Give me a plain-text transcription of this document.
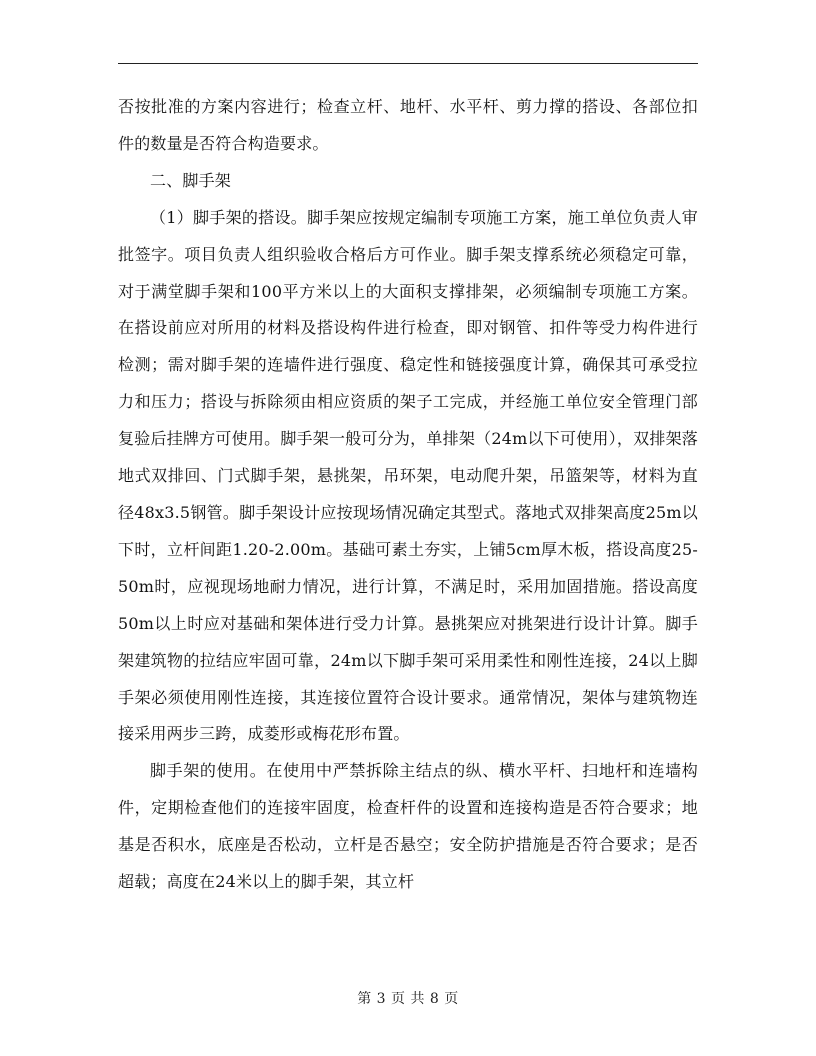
否按批准的方案内容进行；检查立杆、地杆、水平杆、剪力撑的搭设、各部位扣件的数量是否符合构造要求。

二、脚手架

（1）脚手架的搭设。脚手架应按规定编制专项施工方案，施工单位负责人审批签字。项目负责人组织验收合格后方可作业。脚手架支撑系统必须稳定可靠，对于满堂脚手架和100平方米以上的大面积支撑排架，必须编制专项施工方案。在搭设前应对所用的材料及搭设构件进行检查，即对钢管、扣件等受力构件进行检测；需对脚手架的连墙件进行强度、稳定性和链接强度计算，确保其可承受拉力和压力；搭设与拆除须由相应资质的架子工完成，并经施工单位安全管理门部复验后挂牌方可使用。脚手架一般可分为，单排架（24m以下可使用），双排架落地式双排回、门式脚手架，悬挑架，吊环架，电动爬升架，吊篮架等，材料为直径48x3.5钢管。脚手架设计应按现场情况确定其型式。落地式双排架高度25m以下时，立杆间距1.20-2.00m。基础可素土夯实，上铺5cm厚木板，搭设高度25-50m时，应视现场地耐力情况，进行计算，不满足时，采用加固措施。搭设高度50m以上时应对基础和架体进行受力计算。悬挑架应对挑架进行设计计算。脚手架建筑物的拉结应牢固可靠，24m以下脚手架可采用柔性和刚性连接，24以上脚手架必须使用刚性连接，其连接位置符合设计要求。通常情况，架体与建筑物连接采用两步三跨，成菱形或梅花形布置。

脚手架的使用。在使用中严禁拆除主结点的纵、横水平杆、扫地杆和连墙构件，定期检查他们的连接牢固度，检查杆件的设置和连接构造是否符合要求；地基是否积水，底座是否松动，立杆是否悬空；安全防护措施是否符合要求；是否超载；高度在24米以上的脚手架，其立杆

第 3 页 共 8 页
